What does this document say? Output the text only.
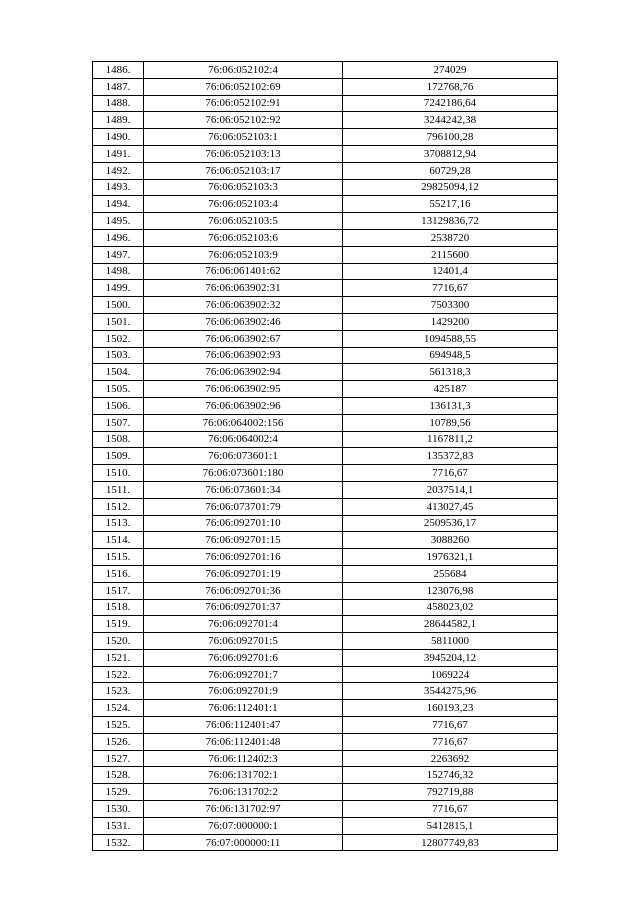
1486.	76:06:052102:4	274029
1487.	76:06:052102:69	172768,76
1488.	76:06:052102:91	7242186,64
1489.	76:06:052102:92	3244242,38
1490.	76:06:052103:1	796100,28
1491.	76:06:052103:13	3708812,94
1492.	76:06:052103:17	60729,28
1493.	76:06:052103:3	29825094,12
1494.	76:06:052103:4	55217,16
1495.	76:06:052103:5	13129836,72
1496.	76:06:052103:6	2538720
1497.	76:06:052103:9	2115600
1498.	76:06:061401:62	12401,4
1499.	76:06:063902:31	7716,67
1500.	76:06:063902:32	7503300
1501.	76:06:063902:46	1429200
1502.	76:06:063902:67	1094588,55
1503.	76:06:063902:93	694948,5
1504.	76:06:063902:94	561318,3
1505.	76:06:063902:95	425187
1506.	76:06:063902:96	136131,3
1507.	76:06:064002:156	10789,56
1508.	76:06:064002:4	1167811,2
1509.	76:06:073601:1	135372,83
1510.	76:06:073601:180	7716,67
1511.	76:06:073601:34	2037514,1
1512.	76:06:073701:79	413027,45
1513.	76:06:092701:10	2509536,17
1514.	76:06:092701:15	3088260
1515.	76:06:092701:16	1976321,1
1516.	76:06:092701:19	255684
1517.	76:06:092701:36	123076,98
1518.	76:06:092701:37	458023,02
1519.	76:06:092701:4	28644582,1
1520.	76:06:092701:5	5811000
1521.	76:06:092701:6	3945204,12
1522.	76:06:092701:7	1069224
1523.	76:06:092701:9	3544275,96
1524.	76:06:112401:1	160193,23
1525.	76:06:112401:47	7716,67
1526.	76:06:112401:48	7716,67
1527.	76:06:112402:3	2263692
1528.	76:06:131702:1	152746,32
1529.	76:06:131702:2	792719,88
1530.	76:06:131702:97	7716,67
1531.	76:07:000000:1	5412815,1
1532.	76:07:000000:11	12807749,83
